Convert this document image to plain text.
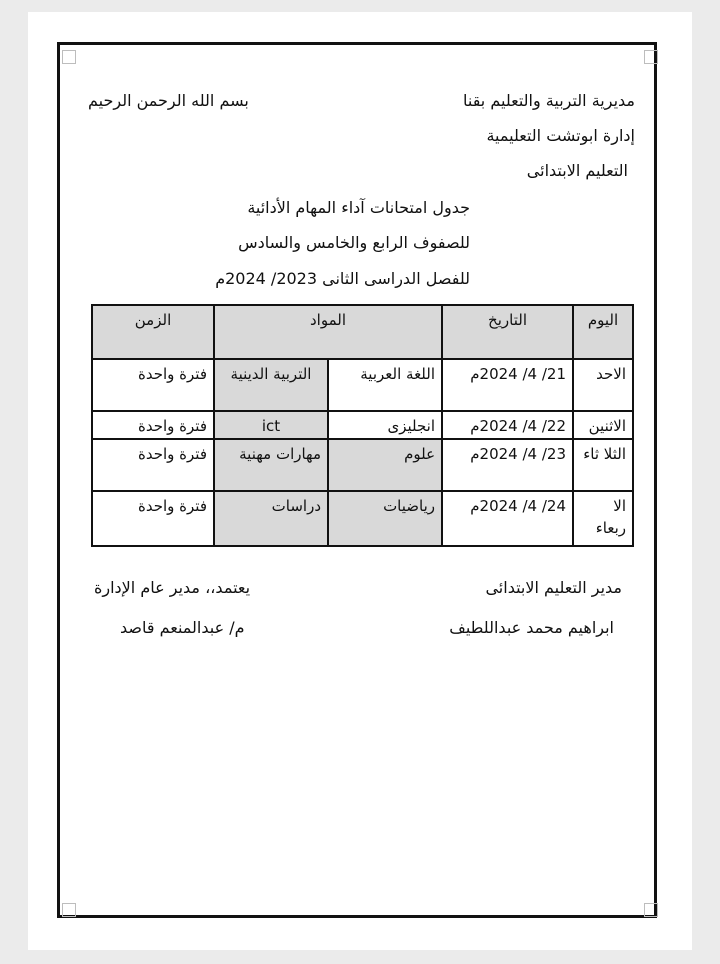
مديرية التربية والتعليم بقنا
بسم الله الرحمن الرحيم
إدارة ابوتشت التعليمية
التعليم الابتدائى
جدول امتحانات آداء المهام الأدائية
للصفوف الرابع والخامس والسادس
للفصل الدراسى الثانى 2023/ 2024م
اليوم	التاريخ	المواد		الزمن
الاحد	21/ 4/ 2024م	اللغة العربية	التربية الدينية	فترة واحدة
الاثنين	22/ 4/ 2024م	انجليزى	ict	فترة واحدة
الثلا ثاء	23/ 4/ 2024م	علوم	مهارات مهنية	فترة واحدة
الا ربعاء	24/ 4/ 2024م	رياضيات	دراسات	فترة واحدة
مدير التعليم الابتدائى
ابراهيم محمد عبداللطيف
يعتمد،، مدير عام الإدارة
م/ عبدالمنعم قاصد
